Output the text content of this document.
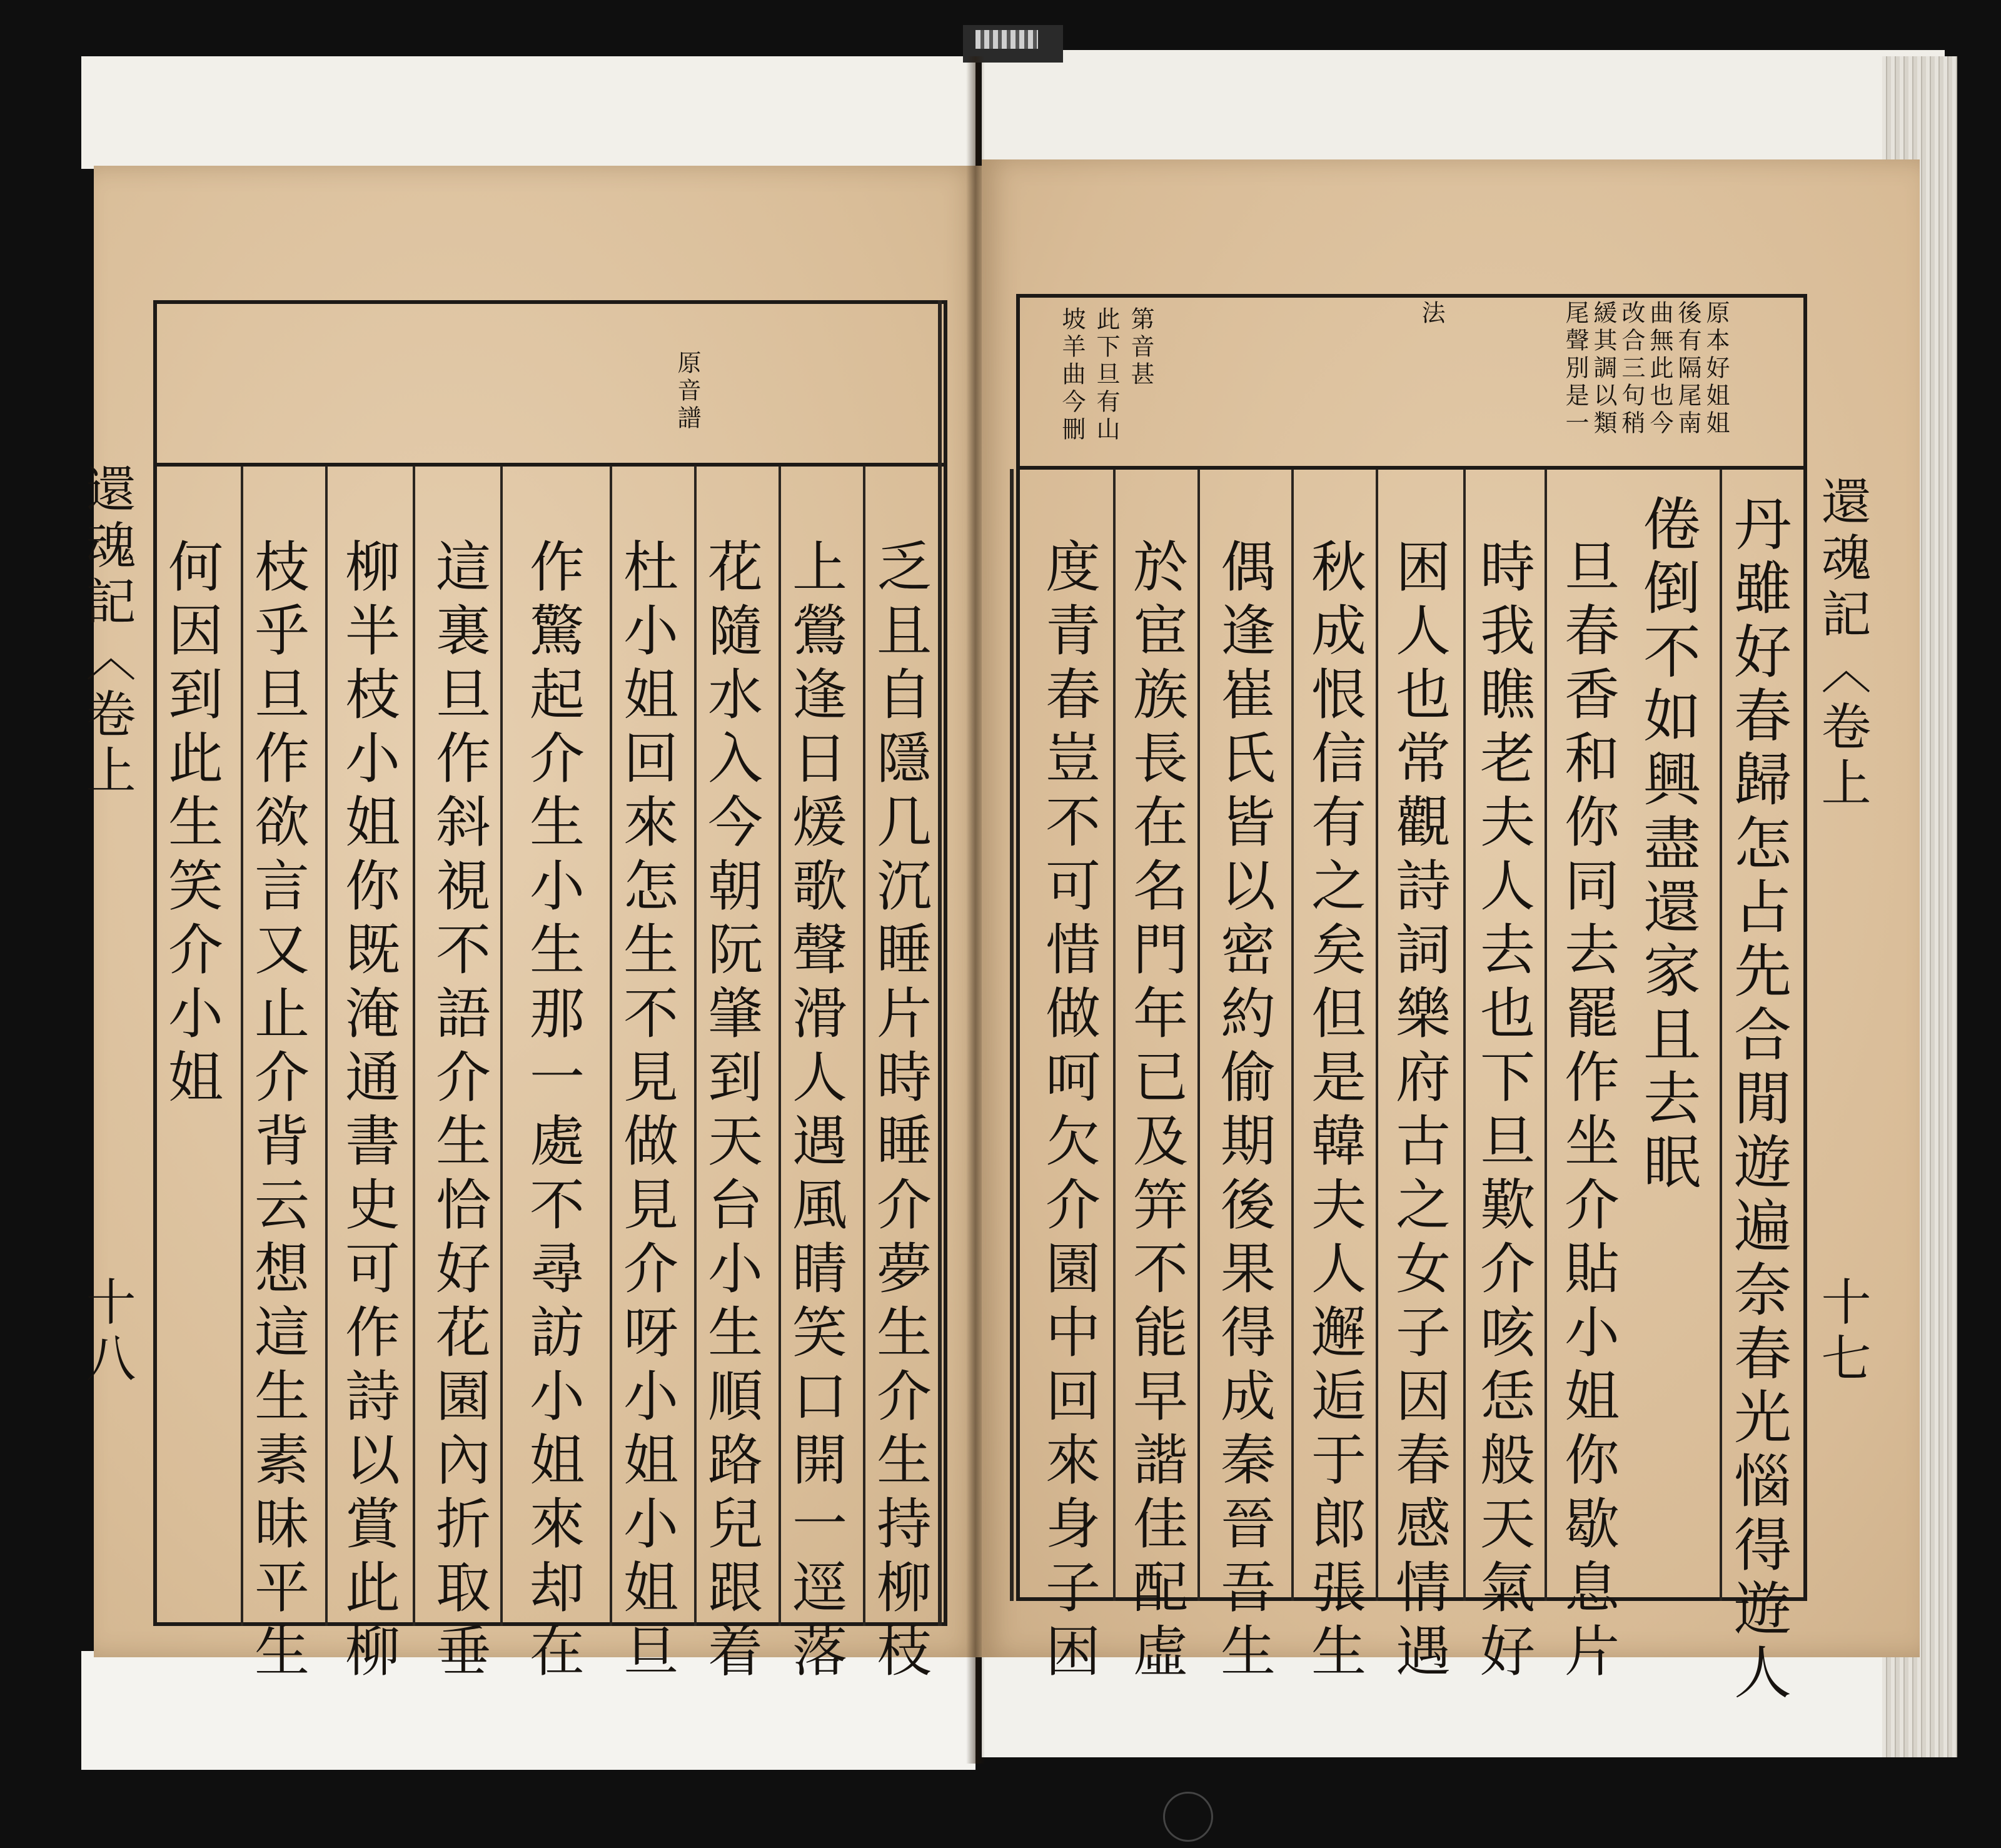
原音譜
乏且自隱几沉睡片時睡介夢生介生持柳枝
上鶯逢日煖歌聲滑人遇風睛笑口開一逕落
花隨水入今朝阮肇到天台小生順路兒跟着
杜小姐回來怎生不見做見介呀小姐小姐旦
作驚起介生小生那一處不尋訪小姐來却在
這裏旦作斜視不語介生恰好花園內折取垂
柳半枝小姐你既淹通書史可作詩以賞此柳
枝乎旦作欲言又止介背云想這生素昧平生
何因到此生笑介小姐
還魂記〈卷上
十八
原本好姐姐
後有隔尾南
曲無此也今
改合三句稍
緩其調以類
尾聲別是一
法
第音甚
此下旦有山
坡羊曲今刪
丹雖好春歸怎占先合閒遊遍奈春光惱得遊人
倦倒不如興盡還家且去眠
旦春香和你同去罷作坐介貼小姐你歇息片
時我瞧老夫人去也下旦歎介咳恁般天氣好
困人也常觀詩詞樂府古之女子因春感情遇
秋成恨信有之矣但是韓夫人邂逅于郎張生
偶逢崔氏皆以密約偷期後果得成秦晉吾生
於宦族長在名門年已及笄不能早諧佳配虛
度青春豈不可惜做呵欠介園中回來身子困	還魂記〈卷上
十七
